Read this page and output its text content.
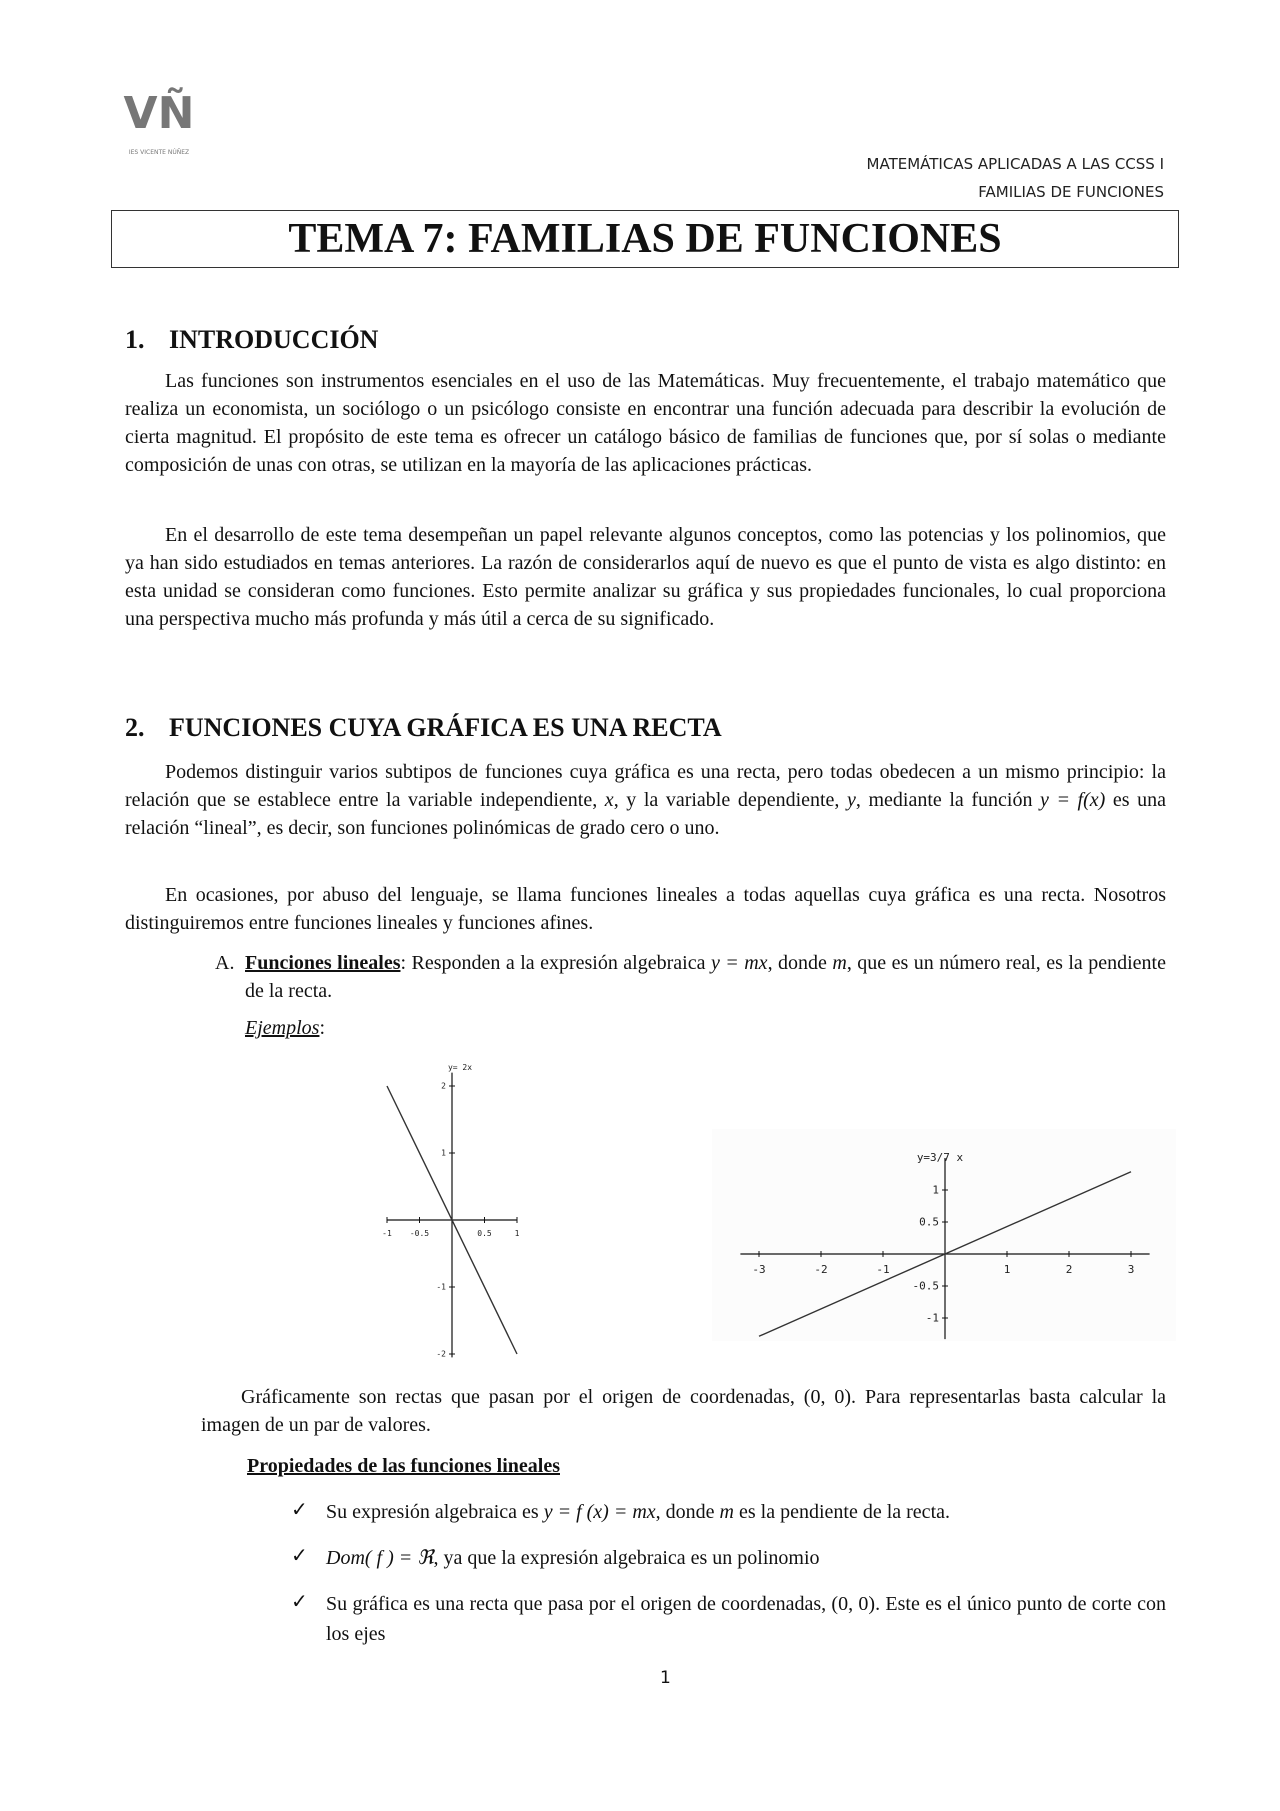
VÑ
IES VICENTE NÚÑEZ
MATEMÁTICAS APLICADAS A LAS CCSS I
FAMILIAS DE FUNCIONES
TEMA 7: FAMILIAS DE FUNCIONES
1. INTRODUCCIÓN
Las funciones son instrumentos esenciales en el uso de las Matemáticas. Muy frecuentemente, el trabajo matemático que realiza un economista, un sociólogo o un psicólogo consiste en encontrar una función adecuada para describir la evolución de cierta magnitud. El propósito de este tema es ofrecer un catálogo básico de familias de funciones que, por sí solas o mediante composición de unas con otras, se utilizan en la mayoría de las aplicaciones prácticas.
En el desarrollo de este tema desempeñan un papel relevante algunos conceptos, como las potencias y los polinomios, que ya han sido estudiados en temas anteriores. La razón de considerarlos aquí de nuevo es que el punto de vista es algo distinto: en esta unidad se consideran como funciones. Esto permite analizar su gráfica y sus propiedades funcionales, lo cual proporciona una perspectiva mucho más profunda y más útil a cerca de su significado.
2. FUNCIONES CUYA GRÁFICA ES UNA RECTA
Podemos distinguir varios subtipos de funciones cuya gráfica es una recta, pero todas obedecen a un mismo principio: la relación que se establece entre la variable independiente, x, y la variable dependiente, y, mediante la función y = f(x) es una relación “lineal”, es decir, son funciones polinómicas de grado cero o uno.
En ocasiones, por abuso del lenguaje, se llama funciones lineales a todas aquellas cuya gráfica es una recta. Nosotros distinguiremos entre funciones lineales y funciones afines.
A. Funciones lineales: Responden a la expresión algebraica y = mx, donde m, que es un número real, es la pendiente de la recta.
Ejemplos:
-1 -0.5	0.5	1
2
1
-1
-2
y= 2x
-3	-2	-1	1	2	3
1
0.5
-0.5
-1
y=3/7 x
Gráficamente son rectas que pasan por el origen de coordenadas, (0, 0). Para representarlas basta calcular la imagen de un par de valores.
Propiedades de las funciones lineales
✓ Su expresión algebraica es y = f (x) = mx, donde m es la pendiente de la recta.
✓ Dom( f ) = ℜ, ya que la expresión algebraica es un polinomio
✓ Su gráfica es una recta que pasa por el origen de coordenadas, (0, 0). Este es el único punto de corte con los ejes
1
